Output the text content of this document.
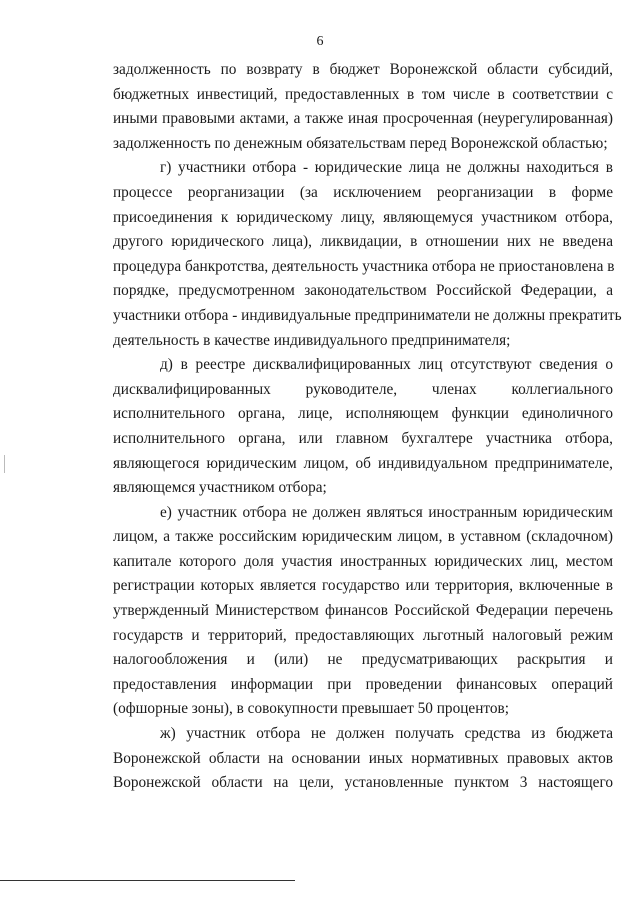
6
задолженность по возврату в бюджет Воронежской области субсидий,
бюджетных инвестиций, предоставленных в том числе в соответствии с
иными правовыми актами, а также иная просроченная (неурегулированная)
задолженность по денежным обязательствам перед Воронежской областью;
г) участники отбора - юридические лица не должны находиться в
процессе реорганизации (за исключением реорганизации в форме
присоединения к юридическому лицу, являющемуся участником отбора,
другого юридического лица), ликвидации, в отношении них не введена
процедура банкротства, деятельность участника отбора не приостановлена в
порядке, предусмотренном законодательством Российской Федерации, а
участники отбора - индивидуальные предприниматели не должны прекратить
деятельность в качестве индивидуального предпринимателя;
д) в реестре дисквалифицированных лиц отсутствуют сведения о
дисквалифицированных руководителе, членах коллегиального
исполнительного органа, лице, исполняющем функции единоличного
исполнительного органа, или главном бухгалтере участника отбора,
являющегося юридическим лицом, об индивидуальном предпринимателе,
являющемся участником отбора;
е) участник отбора не должен являться иностранным юридическим
лицом, а также российским юридическим лицом, в уставном (складочном)
капитале которого доля участия иностранных юридических лиц, местом
регистрации которых является государство или территория, включенные в
утвержденный Министерством финансов Российской Федерации перечень
государств и территорий, предоставляющих льготный налоговый режим
налогообложения и (или) не предусматривающих раскрытия и
предоставления информации при проведении финансовых операций
(офшорные зоны), в совокупности превышает 50 процентов;
ж) участник отбора не должен получать средства из бюджета
Воронежской области на основании иных нормативных правовых актов
Воронежской области на цели, установленные пунктом 3 настоящего
